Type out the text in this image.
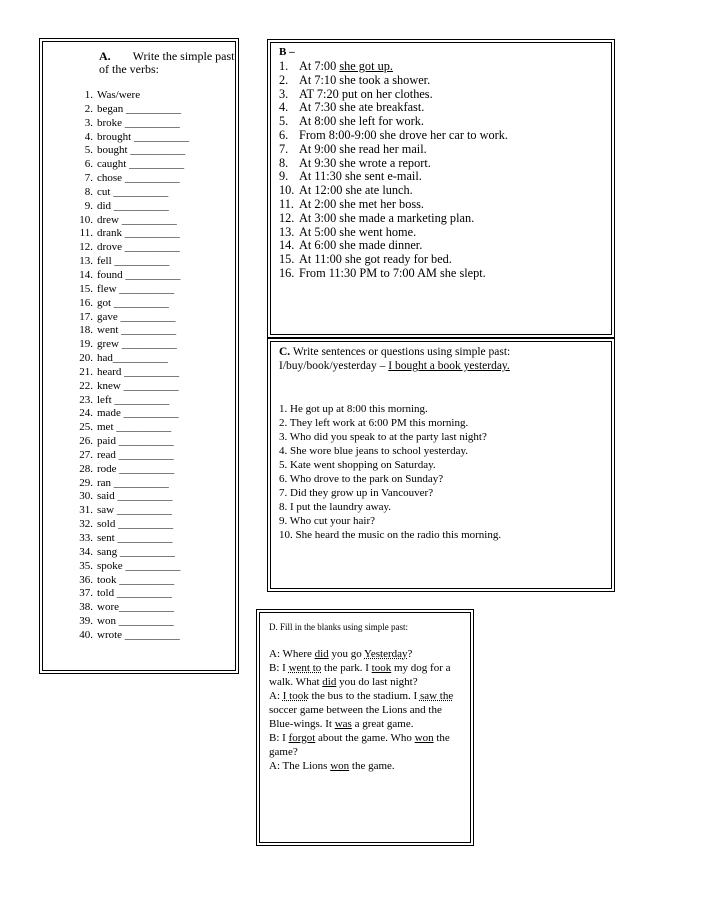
A. Write the simple past
of the verbs:
1. Was/were
2. began __________
3. broke __________
4. brought __________
5. bought __________
6. caught __________
7. chose __________
8. cut __________
9. did __________
10. drew __________
11. drank __________
12. drove __________
13. fell __________
14. found __________
15. flew __________
16. got __________
17. gave __________
18. went __________
19. grew __________
20. had__________
21. heard __________
22. knew __________
23. left __________
24. made __________
25. met __________
26. paid __________
27. read __________
28. rode __________
29. ran __________
30. said __________
31. saw __________
32. sold __________
33. sent __________
34. sang __________
35. spoke __________
36. took __________
37. told __________
38. wore__________
39. won __________
40. wrote __________
B –
1. At 7:00 she got up.
2. At 7:10 she took a shower.
3. AT 7:20 put on her clothes.
4. At 7:30 she ate breakfast.
5. At 8:00 she left for work.
6. From 8:00-9:00 she drove her car to work.
7. At 9:00 she read her mail.
8. At 9:30 she wrote a report.
9. At 11:30 she sent e-mail.
10. At 12:00 she ate lunch.
11. At 2:00 she met her boss.
12. At 3:00 she made a marketing plan.
13. At 5:00 she went home.
14. At 6:00 she made dinner.
15. At 11:00 she got ready for bed.
16. From 11:30 PM to 7:00 AM she slept.
C. Write sentences or questions using simple past:
I/buy/book/yesterday – I bought a book yesterday.
1. He got up at 8:00 this morning.
2. They left work at 6:00 PM this morning.
3. Who did you speak to at the party last night?
4. She wore blue jeans to school yesterday.
5. Kate went shopping on Saturday.
6. Who drove to the park on Sunday?
7. Did they grow up in Vancouver?
8. I put the laundry away.
9. Who cut your hair?
10. She heard the music on the radio this morning.
D. Fill in the blanks using simple past:

A: Where did you go Yesterday?

B: I went to the park. I took my dog for a walk. What did you do last night?

A: I took the bus to the stadium. I saw the soccer game between the Lions and the Blue-wings. It was a great game.

B: I forgot about the game. Who won the game?

A: The Lions won the game.
